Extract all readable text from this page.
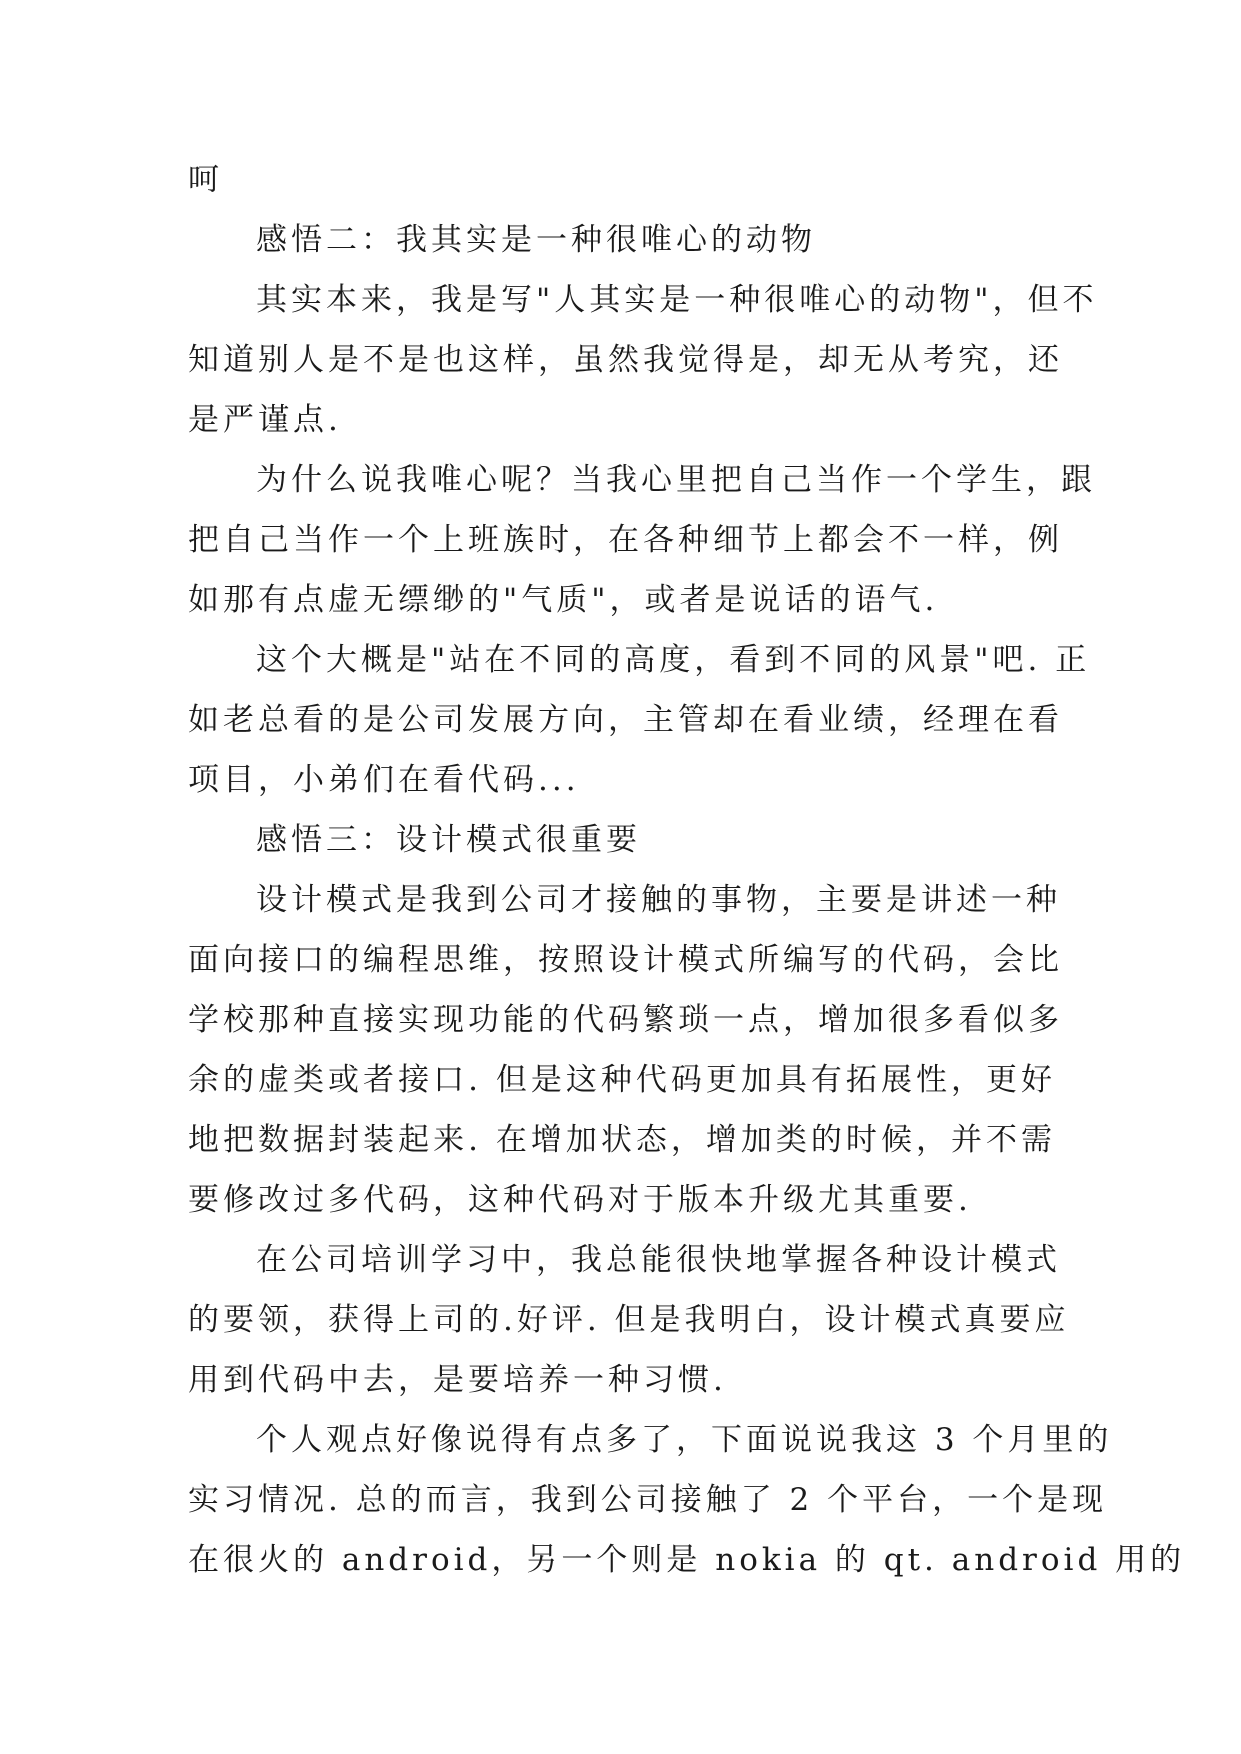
呵
感悟二：我其实是一种很唯心的动物
其实本来，我是写"人其实是一种很唯心的动物"，但不
知道别人是不是也这样，虽然我觉得是，却无从考究，还
是严谨点.
为什么说我唯心呢？当我心里把自己当作一个学生，跟
把自己当作一个上班族时，在各种细节上都会不一样，例
如那有点虚无缥缈的"气质"，或者是说话的语气.
这个大概是"站在不同的高度，看到不同的风景"吧. 正
如老总看的是公司发展方向，主管却在看业绩，经理在看
项目，小弟们在看代码...
感悟三：设计模式很重要
设计模式是我到公司才接触的事物，主要是讲述一种
面向接口的编程思维，按照设计模式所编写的代码，会比
学校那种直接实现功能的代码繁琐一点，增加很多看似多
余的虚类或者接口. 但是这种代码更加具有拓展性，更好
地把数据封装起来. 在增加状态，增加类的时候，并不需
要修改过多代码，这种代码对于版本升级尤其重要.
在公司培训学习中，我总能很快地掌握各种设计模式
的要领，获得上司的.好评. 但是我明白，设计模式真要应
用到代码中去，是要培养一种习惯.
个人观点好像说得有点多了，下面说说我这 3 个月里的
实习情况. 总的而言，我到公司接触了 2 个平台，一个是现
在很火的 android，另一个则是 nokia 的 qt. android 用的
